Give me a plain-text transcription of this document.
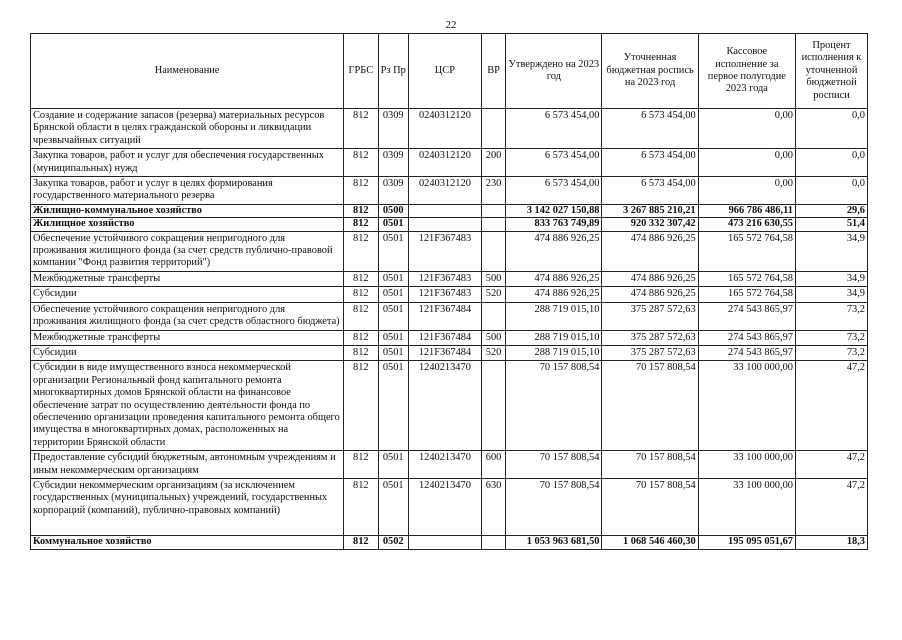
22
Наименование	ГРБС	Рз Пр	ЦСР	ВР	Утверждено на 2023 год	Уточненная бюджетная роспись на 2023 год	Кассовое исполнение за первое полугодие 2023 года	Процент исполнения к уточненной бюджетной росписи
Создание и содержание запасов (резерва) материальных ресурсов Брянской области в целях гражданской обороны и ликвидации чрезвычайных ситуаций	812	0309	0240312120		6 573 454,00	6 573 454,00	0,00	0,0
Закупка товаров, работ и услуг для обеспечения государственных (муниципальных) нужд	812	0309	0240312120	200	6 573 454,00	6 573 454,00	0,00	0,0
Закупка товаров, работ и услуг в целях формирования государственного материального резерва	812	0309	0240312120	230	6 573 454,00	6 573 454,00	0,00	0,0
Жилищно-коммунальное хозяйство	812	0500			3 142 027 150,88	3 267 885 210,21	966 786 486,11	29,6
Жилищное хозяйство	812	0501			833 763 749,89	920 332 307,42	473 216 630,55	51,4
Обеспечение устойчивого сокращения непригодного для проживания жилищного фонда (за счет средств публично-правовой компании "Фонд развития территорий")	812	0501	121F367483		474 886 926,25	474 886 926,25	165 572 764,58	34,9
Межбюджетные трансферты	812	0501	121F367483	500	474 886 926,25	474 886 926,25	165 572 764,58	34,9
Субсидии	812	0501	121F367483	520	474 886 926,25	474 886 926,25	165 572 764,58	34,9
Обеспечение устойчивого сокращения непригодного для проживания жилищного фонда (за счет средств областного бюджета)	812	0501	121F367484		288 719 015,10	375 287 572,63	274 543 865,97	73,2
Межбюджетные трансферты	812	0501	121F367484	500	288 719 015,10	375 287 572,63	274 543 865,97	73,2
Субсидии	812	0501	121F367484	520	288 719 015,10	375 287 572,63	274 543 865,97	73,2
Субсидии в виде имущественного взноса некоммерческой организации Региональный фонд капитального ремонта многоквартирных домов Брянской области на финансовое обеспечение затрат по осуществлению деятельности фонда по обеспечению организации проведения капитального ремонта общего имущества в многоквартирных домах, расположенных на территории Брянской области	812	0501	1240213470		70 157 808,54	70 157 808,54	33 100 000,00	47,2
Предоставление субсидий бюджетным, автономным учреждениям и иным некоммерческим организациям	812	0501	1240213470	600	70 157 808,54	70 157 808,54	33 100 000,00	47,2
Субсидии некоммерческим организациям (за исключением государственных (муниципальных) учреждений, государственных корпораций (компаний), публично-правовых компаний)	812	0501	1240213470	630	70 157 808,54	70 157 808,54	33 100 000,00	47,2
Коммунальное хозяйство	812	0502			1 053 963 681,50	1 068 546 460,30	195 095 051,67	18,3
